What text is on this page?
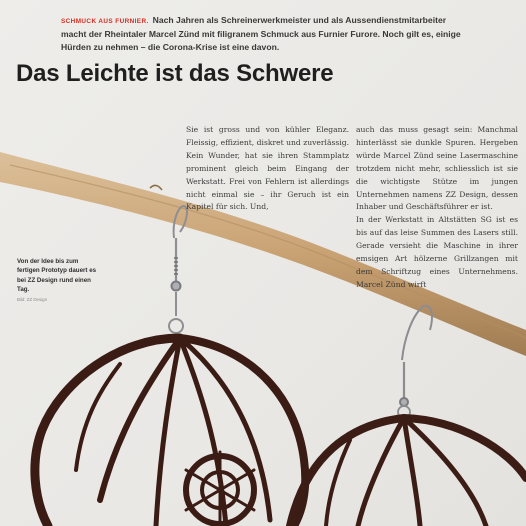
SCHMUCK AUS FURNIER. Nach Jahren als Schreinerwerkmeister und als Aussendienstmitarbeiter macht der Rheintaler Marcel Zünd mit filigranem Schmuck aus Furnier Furore. Noch gilt es, einige Hürden zu nehmen – die Corona-Krise ist eine davon.
Das Leichte ist das Schwere

Sie ist gross und von kühler Eleganz. Fleissig, effizient, diskret und zuverlässig. Kein Wunder, hat sie ihren Stammplatz prominent gleich beim Eingang der Werkstatt. Frei von Fehlern ist allerdings nicht einmal sie – ihr Geruch ist ein Kapitel für sich. Und,

auch das muss gesagt sein: Manchmal hinterlässt sie dunkle Spuren. Hergeben würde Marcel Zünd seine Lasermaschine trotzdem nicht mehr, schliesslich ist sie die wichtigste Stütze im jungen Unternehmen namens ZZ Design, dessen Inhaber und Geschäftsführer er ist.

In der Werkstatt in Altstätten SG ist es bis auf das leise Summen des Lasers still. Gerade versieht die Maschine in ihrer emsigen Art hölzerne Grillzangen mit dem Schriftzug eines Unternehmens. Marcel Zünd wirft

Von der Idee bis zum fertigen Prototyp dauert es bei ZZ Design rund einen Tag.
Bild: ZZ Design
